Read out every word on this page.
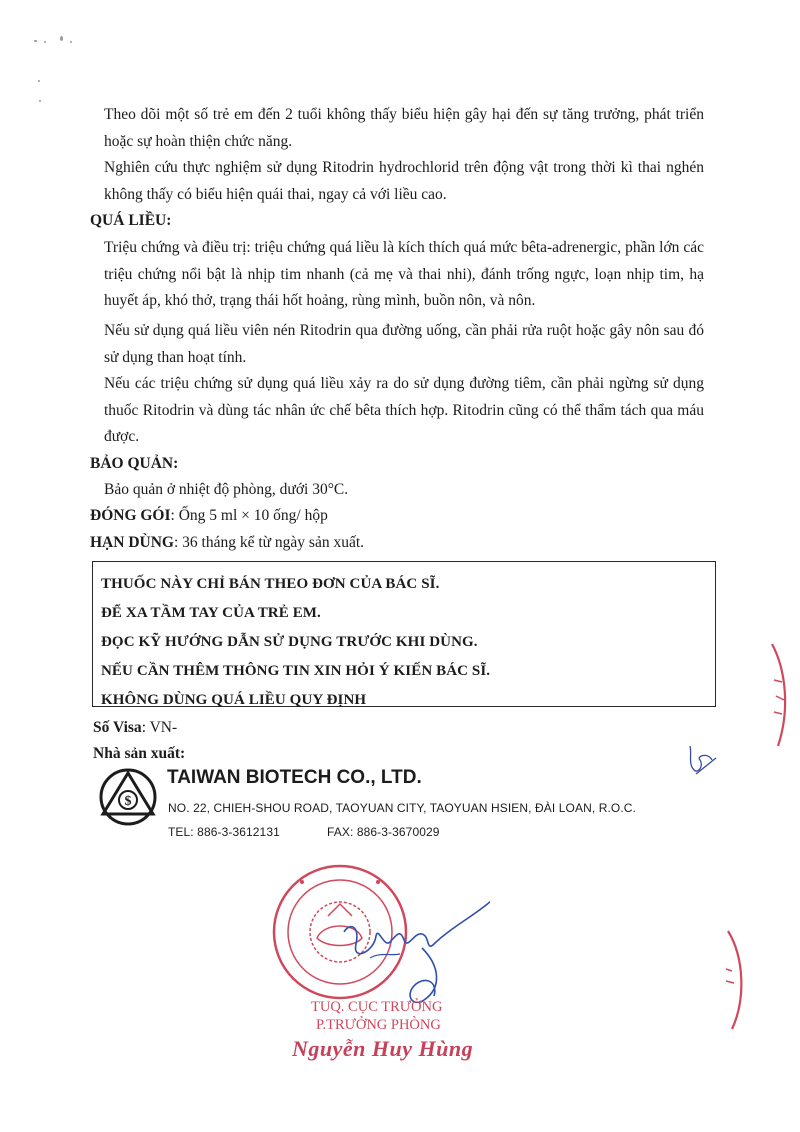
Theo dõi một số trẻ em đến 2 tuổi không thấy biểu hiện gây hại đến sự tăng trưởng, phát triển hoặc sự hoàn thiện chức năng.

Nghiên cứu thực nghiệm sử dụng Ritodrin hydrochlorid trên động vật trong thời kì thai nghén không thấy có biểu hiện quái thai, ngay cả với liều cao.

QUÁ LIỀU:

Triệu chứng và điều trị: triệu chứng quá liều là kích thích quá mức bêta-adrenergic, phần lớn các triệu chứng nổi bật là nhịp tim nhanh (cả mẹ và thai nhi), đánh trống ngực, loạn nhịp tim, hạ huyết áp, khó thở, trạng thái hốt hoảng, rùng mình, buồn nôn, và nôn.

Nếu sử dụng quá liều viên nén Ritodrin qua đường uống, cần phải rửa ruột hoặc gây nôn sau đó sử dụng than hoạt tính.

Nếu các triệu chứng sử dụng quá liều xảy ra do sử dụng đường tiêm, cần phải ngừng sử dụng thuốc Ritodrin và dùng tác nhân ức chế bêta thích hợp. Ritodrin cũng có thể thẩm tách qua máu được.

BẢO QUẢN:

Bảo quản ở nhiệt độ phòng, dưới 30°C.

ĐÓNG GÓI: Ống 5 ml × 10 ống/ hộp

HẠN DÙNG: 36 tháng kể từ ngày sản xuất.

THUỐC NÀY CHỈ BÁN THEO ĐƠN CỦA BÁC SĨ.

ĐỂ XA TẦM TAY CỦA TRẺ EM.

ĐỌC KỸ HƯỚNG DẪN SỬ DỤNG TRƯỚC KHI DÙNG.

NẾU CẦN THÊM THÔNG TIN XIN HỎI Ý KIẾN BÁC SĨ.

KHÔNG DÙNG QUÁ LIỀU QUY ĐỊNH

Số Visa: VN-

Nhà sản xuất:

$

TAIWAN BIOTECH CO., LTD.

NO. 22, CHIEH-SHOU ROAD, TAOYUAN CITY, TAOYUAN HSIEN, ĐÀI LOAN, R.O.C.

TEL: 886-3-3612131	FAX: 886-3-3670029

TUQ. CỤC TRƯỞNG

P.TRƯỞNG PHÒNG

Nguyễn Huy Hùng
